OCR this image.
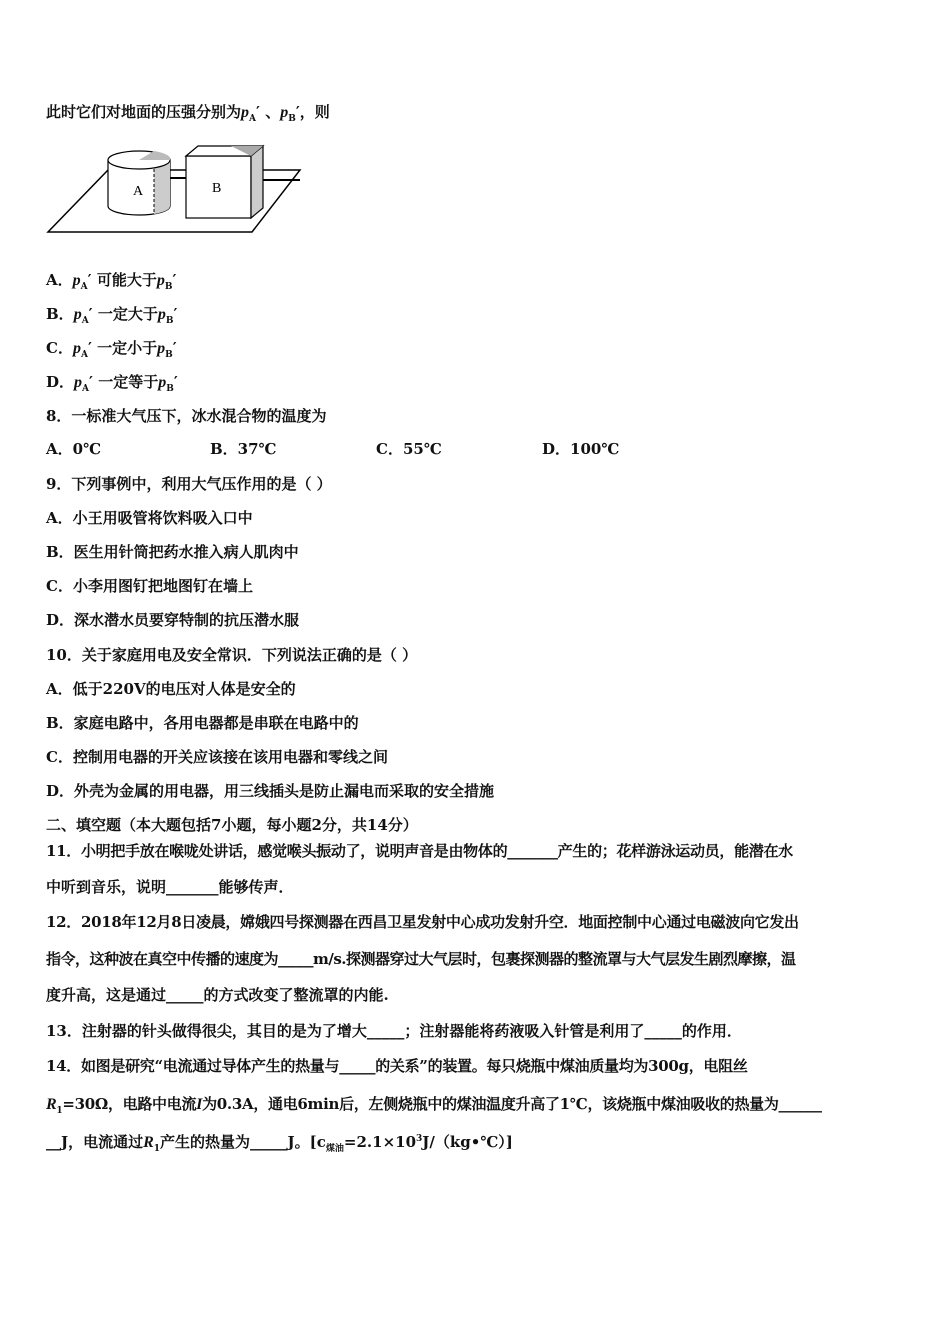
此时它们对地面的压强分别为$p_A'$ 、$p_B'$，则
A	B
A．$p_A'$ 可能大于$p_B'$
B．$p_A'$ 一定大于$p_B'$
C．$p_A'$ 一定小于$p_B'$
D．$p_A'$ 一定等于$p_B'$
8．一标准大气压下，冰水混合物的温度为
A．0℃	B．37℃	C．55℃	D．100℃
9．下列事例中，利用大气压作用的是（ ）
A．小王用吸管将饮料吸入口中
B．医生用针筒把药水推入病人肌肉中
C．小李用图钉把地图钉在墙上
D．深水潜水员要穿特制的抗压潜水服
10．关于家庭用电及安全常识．下列说法正确的是（ ）
A．低于220V的电压对人体是安全的
B．家庭电路中，各用电器都是串联在电路中的
C．控制用电器的开关应该接在该用电器和零线之间
D．外壳为金属的用电器，用三线插头是防止漏电而采取的安全措施
二、填空题（本大题包括7小题，每小题2分，共14分）
11．小明把手放在喉咙处讲话，感觉喉头振动了，说明声音是由物体的_______产生的；花样游泳运动员，能潜在水
中听到音乐，说明_______能够传声．
12．2018年12月8日凌晨，嫦娥四号探测器在西昌卫星发射中心成功发射升空．地面控制中心通过电磁波向它发出
指令，这种波在真空中传播的速度为_____m/s.探测器穿过大气层时，包裹探测器的整流罩与大气层发生剧烈摩擦，温
度升高，这是通过_____的方式改变了整流罩的内能.
13．注射器的针头做得很尖，其目的是为了增大_____；注射器能将药液吸入针管是利用了_____的作用．
14．如图是研究“电流通过导体产生的热量与_____的关系”的装置。每只烧瓶中煤油质量均为300g，电阻丝
$R_1=30\Omega$，电路中电流I为0.3A，通电6min后，左侧烧瓶中的煤油温度升高了1℃，该烧瓶中煤油吸收的热量为______
__J，电流通过$R_1$产生的热量为_____J。$[c_{煤油}=2.1\times 10^3J/(kg•℃)]$
